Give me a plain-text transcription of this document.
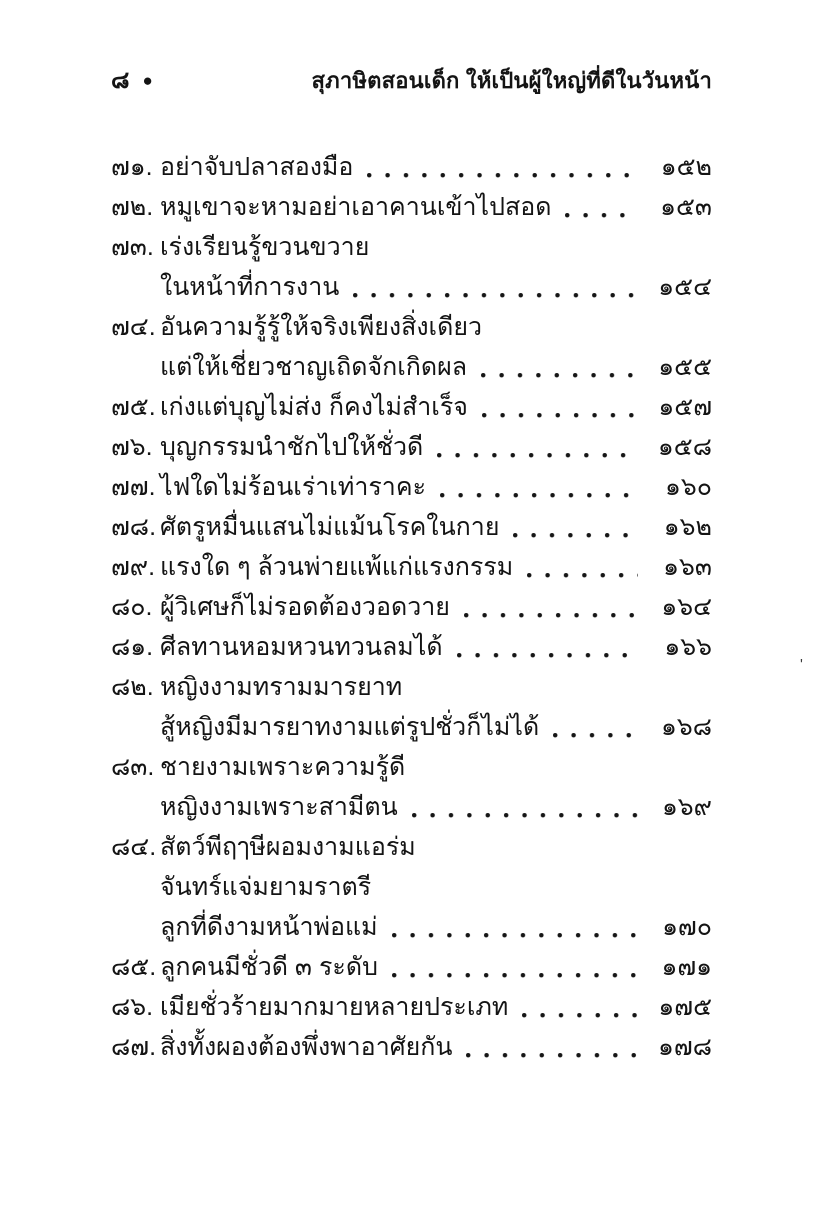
๘ ●	สุภาษิตสอนเด็ก ให้เป็นผู้ใหญ่ที่ดีในวันหน้า
๗๑. อย่าจับปลาสองมือ	๑๕๒
๗๒. หมูเขาจะหามอย่าเอาคานเข้าไปสอด	๑๕๓
๗๓. เร่งเรียนรู้ขวนขวาย
ในหน้าที่การงาน	๑๕๔
๗๔. อันความรู้รู้ให้จริงเพียงสิ่งเดียว
แต่ให้เชี่ยวชาญเถิดจักเกิดผล	๑๕๕
๗๕. เก่งแต่บุญไม่ส่ง ก็คงไม่สำเร็จ	๑๕๗
๗๖. บุญกรรมนำชักไปให้ชั่วดี	๑๕๘
๗๗. ไฟใดไม่ร้อนเร่าเท่าราคะ	๑๖๐
๗๘. ศัตรูหมื่นแสนไม่แม้นโรคในกาย	๑๖๒
๗๙. แรงใด ๆ ล้วนพ่ายแพ้แก่แรงกรรม	๑๖๓
๘๐. ผู้วิเศษก็ไม่รอดต้องวอดวาย	๑๖๔
๘๑. ศีลทานหอมหวนทวนลมได้	๑๖๖
๘๒. หญิงงามทรามมารยาท
สู้หญิงมีมารยาทงามแต่รูปชั่วก็ไม่ได้	๑๖๘
๘๓. ชายงามเพราะความรู้ดี
หญิงงามเพราะสามีตน	๑๖๙
๘๔. สัตว์พีฤๅษีผอมงามแอร่ม
จันทร์แจ่มยามราตรี
ลูกที่ดีงามหน้าพ่อแม่	๑๗๐
๘๕. ลูกคนมีชั่วดี ๓ ระดับ	๑๗๑
๘๖. เมียชั่วร้ายมากมายหลายประเภท	๑๗๕
๘๗. สิ่งทั้งผองต้องพึ่งพาอาศัยกัน	๑๗๘
'
